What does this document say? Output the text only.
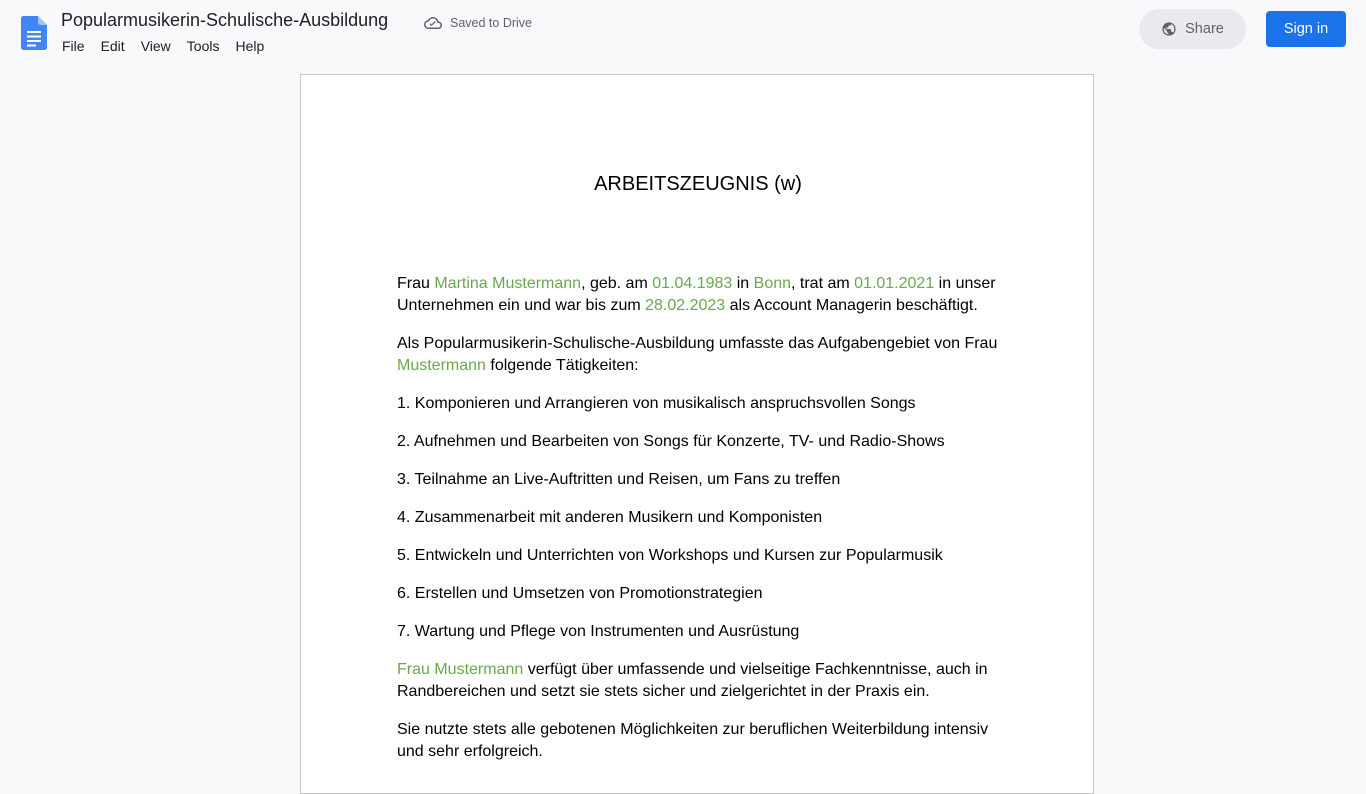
Popularmusikerin-Schulische-Ausbildung	Saved to Drive
File	Edit	View	Tools	Help
Share	Sign in
ARBEITSZEUGNIS (w)

Frau Martina Mustermann, geb. am 01.04.1983 in Bonn, trat am 01.01.2021 in unser Unternehmen ein und war bis zum 28.02.2023 als Account Managerin beschäftigt.

Als Popularmusikerin-Schulische-Ausbildung umfasste das Aufgabengebiet von Frau Mustermann folgende Tätigkeiten:

1. Komponieren und Arrangieren von musikalisch anspruchsvollen Songs

2. Aufnehmen und Bearbeiten von Songs für Konzerte, TV- und Radio-Shows

3. Teilnahme an Live-Auftritten und Reisen, um Fans zu treffen

4. Zusammenarbeit mit anderen Musikern und Komponisten

5. Entwickeln und Unterrichten von Workshops und Kursen zur Popularmusik

6. Erstellen und Umsetzen von Promotionstrategien

7. Wartung und Pflege von Instrumenten und Ausrüstung

Frau Mustermann verfügt über umfassende und vielseitige Fachkenntnisse, auch in Randbereichen und setzt sie stets sicher und zielgerichtet in der Praxis ein.

Sie nutzte stets alle gebotenen Möglichkeiten zur beruflichen Weiterbildung intensiv und sehr erfolgreich.
